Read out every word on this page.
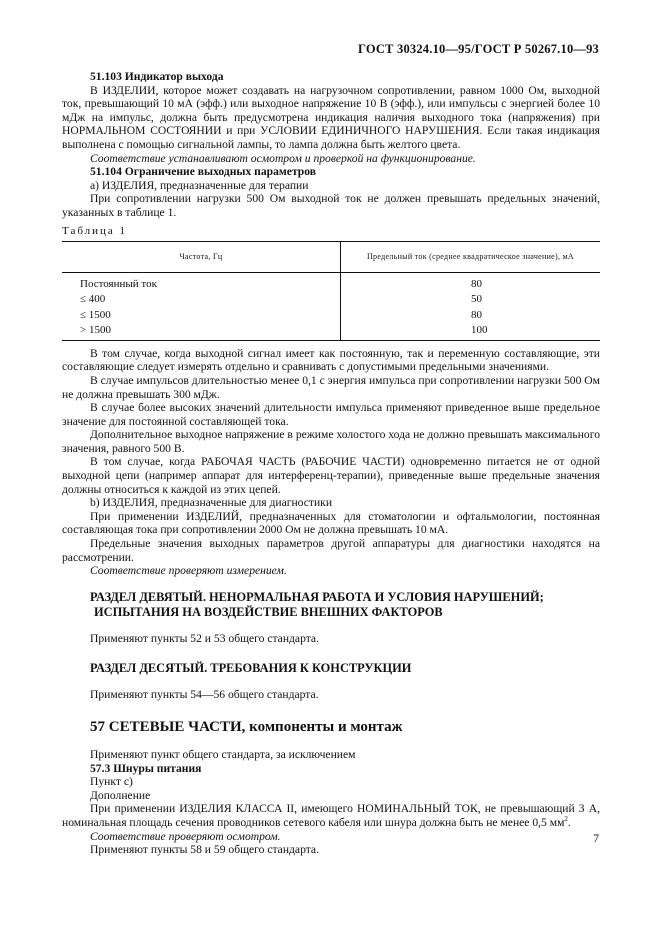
ГОСТ 30324.10—95/ГОСТ Р 50267.10—93

51.103 Индикатор выхода

В ИЗДЕЛИИ, которое может создавать на нагрузочном сопротивлении, равном 1000 Ом, выходной ток, превышающий 10 мА (эфф.) или выходное напряжение 10 В (эфф.), или импульсы с энергией более 10 мДж на импульс, должна быть предусмотрена индикация наличия выходного тока (напряжения) при НОРМАЛЬНОМ СОСТОЯНИИ и при УСЛОВИИ ЕДИНИЧНОГО НАРУШЕНИЯ. Если такая индикация выполнена с помощью сигнальной лампы, то лампа должна быть желтого цвета.

Соответствие устанавливают осмотром и проверкой на функционирование.

51.104 Ограничение выходных параметров

а) ИЗДЕЛИЯ, предназначенные для терапии

При сопротивлении нагрузки 500 Ом выходной ток не должен превышать предельных значений, указанных в таблице 1.

Таблица 1
Частота, Гц	Предельный ток (среднее квадратическое значение), мА
Постоянный ток	80
≤ 400	50
≤ 1500	80
> 1500	100

В том случае, когда выходной сигнал имеет как постоянную, так и переменную составляющие, эти составляющие следует измерять отдельно и сравнивать с допустимыми предельными значениями.

В случае импульсов длительностью менее 0,1 с энергия импульса при сопротивлении нагрузки 500 Ом не должна превышать 300 мДж.

В случае более высоких значений длительности импульса применяют приведенное выше предельное значение для постоянной составляющей тока.

Дополнительное выходное напряжение в режиме холостого хода не должно превышать максимального значения, равного 500 В.

В том случае, когда РАБОЧАЯ ЧАСТЬ (РАБОЧИЕ ЧАСТИ) одновременно питается не от одной выходной цепи (например аппарат для интерференц-терапии), приведенные выше предельные значения должны относиться к каждой из этих цепей.

b) ИЗДЕЛИЯ, предназначенные для диагностики

При применении ИЗДЕЛИЙ, предназначенных для стоматологии и офтальмологии, постоянная составляющая тока при сопротивлении 2000 Ом не должна превышать 10 мА.

Предельные значения выходных параметров другой аппаратуры для диагностики находятся на рассмотрении.

Соответствие проверяют измерением.

РАЗДЕЛ ДЕВЯТЫЙ. НЕНОРМАЛЬНАЯ РАБОТА И УСЛОВИЯ НАРУШЕНИЙ;
ИСПЫТАНИЯ НА ВОЗДЕЙСТВИЕ ВНЕШНИХ ФАКТОРОВ

Применяют пункты 52 и 53 общего стандарта.

РАЗДЕЛ ДЕСЯТЫЙ. ТРЕБОВАНИЯ К КОНСТРУКЦИИ

Применяют пункты 54—56 общего стандарта.

57 СЕТЕВЫЕ ЧАСТИ, компоненты и монтаж

Применяют пункт общего стандарта, за исключением

57.3 Шнуры питания

Пункт с)

Дополнение

При применении ИЗДЕЛИЯ КЛАССА II, имеющего НОМИНАЛЬНЫЙ ТОК, не превышающий 3 А, номинальная площадь сечения проводников сетевого кабеля или шнура должна быть не менее 0,5 $мм^2$.

Соответствие проверяют осмотром.

Применяют пункты 58 и 59 общего стандарта.

7
